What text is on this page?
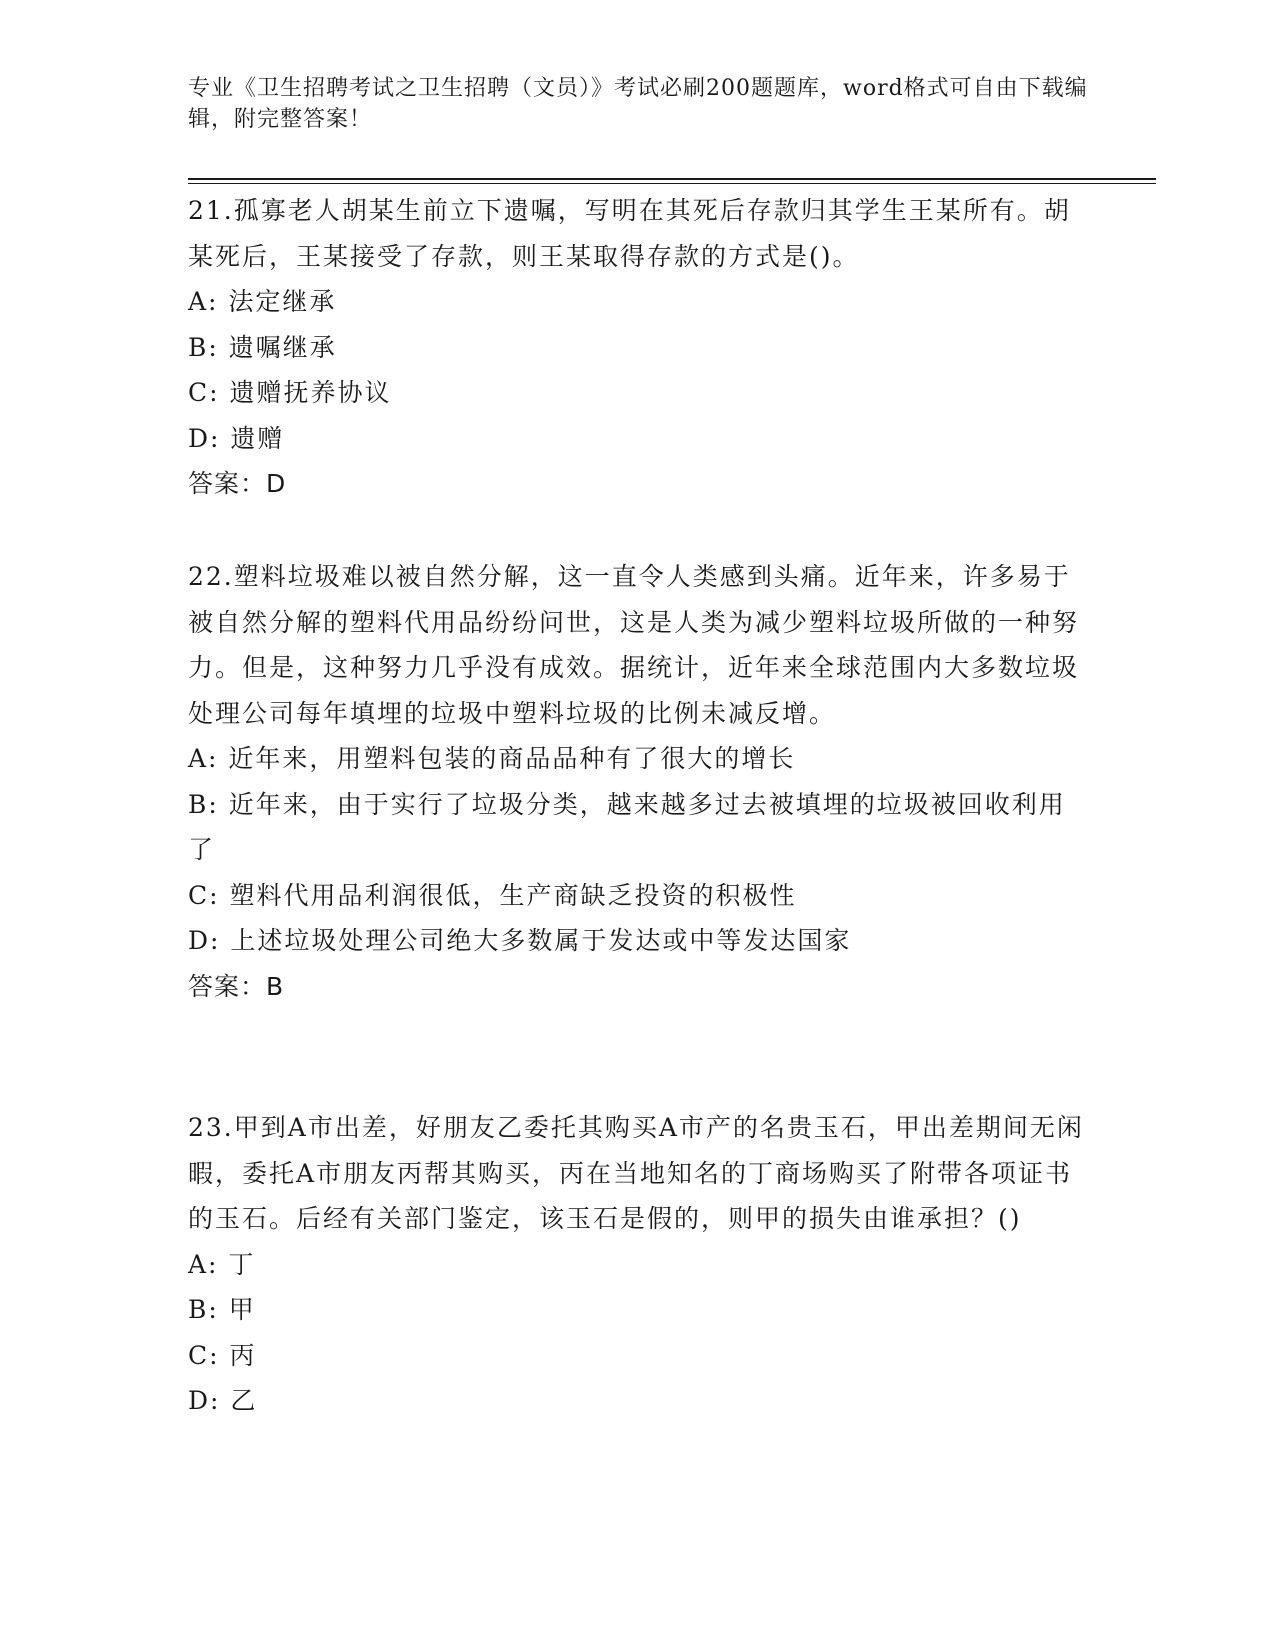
专业《卫生招聘考试之卫生招聘（文员）》考试必刷200题题库，word格式可自由下载编辑，附完整答案！
21.孤寡老人胡某生前立下遗嘱，写明在其死后存款归其学生王某所有。胡某死后，王某接受了存款，则王某取得存款的方式是()。
A: 法定继承
B: 遗嘱继承
C: 遗赠抚养协议
D: 遗赠
答案：D
22.塑料垃圾难以被自然分解，这一直令人类感到头痛。近年来，许多易于被自然分解的塑料代用品纷纷问世，这是人类为减少塑料垃圾所做的一种努力。但是，这种努力几乎没有成效。据统计，近年来全球范围内大多数垃圾处理公司每年填埋的垃圾中塑料垃圾的比例未减反增。
A: 近年来，用塑料包装的商品品种有了很大的增长
B: 近年来，由于实行了垃圾分类，越来越多过去被填埋的垃圾被回收利用了
C: 塑料代用品利润很低，生产商缺乏投资的积极性
D: 上述垃圾处理公司绝大多数属于发达或中等发达国家
答案：B
23.甲到A市出差，好朋友乙委托其购买A市产的名贵玉石，甲出差期间无闲暇，委托A市朋友丙帮其购买，丙在当地知名的丁商场购买了附带各项证书的玉石。后经有关部门鉴定，该玉石是假的，则甲的损失由谁承担？()
A: 丁
B: 甲
C: 丙
D: 乙
